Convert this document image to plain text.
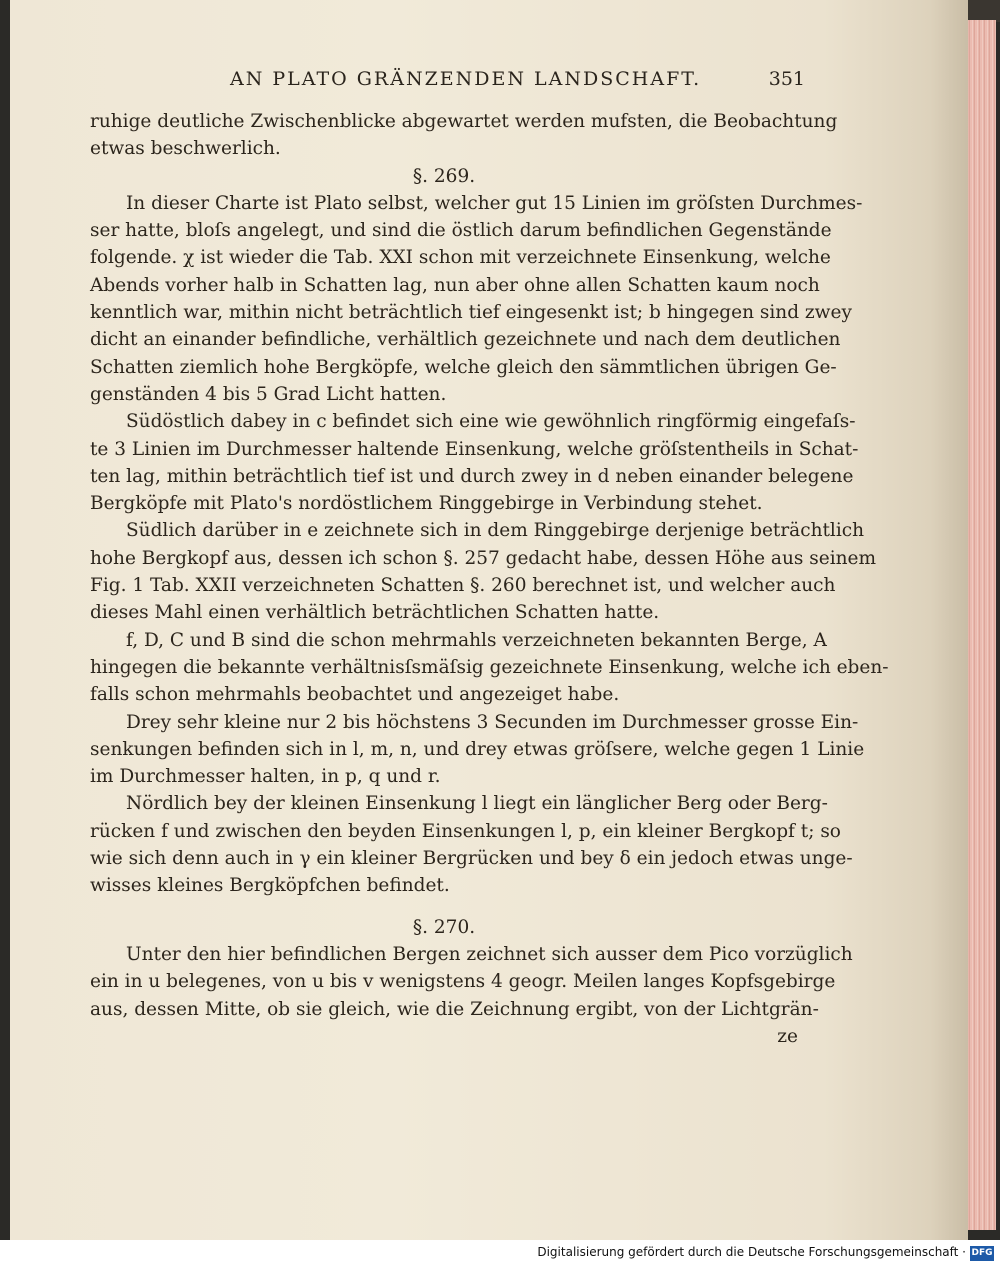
AN PLATO GRÄNZENDEN LANDSCHAFT.	351
ruhige deutliche Zwischenblicke abgewartet werden mufsten, die Beobachtung
etwas beschwerlich.
§. 269.
In dieser Charte ist Plato selbst, welcher gut 15 Linien im gröſsten Durchmes-
ser hatte, bloſs angelegt, und sind die östlich darum befindlichen Gegenstände
folgende. χ ist wieder die Tab. XXI schon mit verzeichnete Einsenkung, welche
Abends vorher halb in Schatten lag, nun aber ohne allen Schatten kaum noch
kenntlich war, mithin nicht beträchtlich tief eingesenkt ist; b hingegen sind zwey
dicht an einander befindliche, verhältlich gezeichnete und nach dem deutlichen
Schatten ziemlich hohe Bergköpfe, welche gleich den sämmtlichen übrigen Ge-
genständen 4 bis 5 Grad Licht hatten.
Südöstlich dabey in c befindet sich eine wie gewöhnlich ringförmig eingefaſs-
te 3 Linien im Durchmesser haltende Einsenkung, welche gröſstentheils in Schat-
ten lag, mithin beträchtlich tief ist und durch zwey in d neben einander belegene
Bergköpfe mit Plato's nordöstlichem Ringgebirge in Verbindung stehet.
Südlich darüber in e zeichnete sich in dem Ringgebirge derjenige beträchtlich
hohe Bergkopf aus, dessen ich schon §. 257 gedacht habe, dessen Höhe aus seinem
Fig. 1 Tab. XXII verzeichneten Schatten §. 260 berechnet ist, und welcher auch
dieses Mahl einen verhältlich beträchtlichen Schatten hatte.
f, D, C und B sind die schon mehrmahls verzeichneten bekannten Berge, A
hingegen die bekannte verhältnisſsmäſsig gezeichnete Einsenkung, welche ich eben-
falls schon mehrmahls beobachtet und angezeiget habe.
Drey sehr kleine nur 2 bis höchstens 3 Secunden im Durchmesser grosse Ein-
senkungen befinden sich in l, m, n, und drey etwas gröſsere, welche gegen 1 Linie
im Durchmesser halten, in p, q und r.
Nördlich bey der kleinen Einsenkung l liegt ein länglicher Berg oder Berg-
rücken f und zwischen den beyden Einsenkungen l, p, ein kleiner Bergkopf t; so
wie sich denn auch in γ ein kleiner Bergrücken und bey δ ein jedoch etwas unge-
wisses kleines Bergköpfchen befindet.
§. 270.
Unter den hier befindlichen Bergen zeichnet sich ausser dem Pico vorzüglich
ein in u belegenes, von u bis v wenigstens 4 geogr. Meilen langes Kopfsgebirge
aus, dessen Mitte, ob sie gleich, wie die Zeichnung ergibt, von der Lichtgrän-
ze
Digitalisierung gefördert durch die Deutsche Forschungsgemeinschaft · DFG
